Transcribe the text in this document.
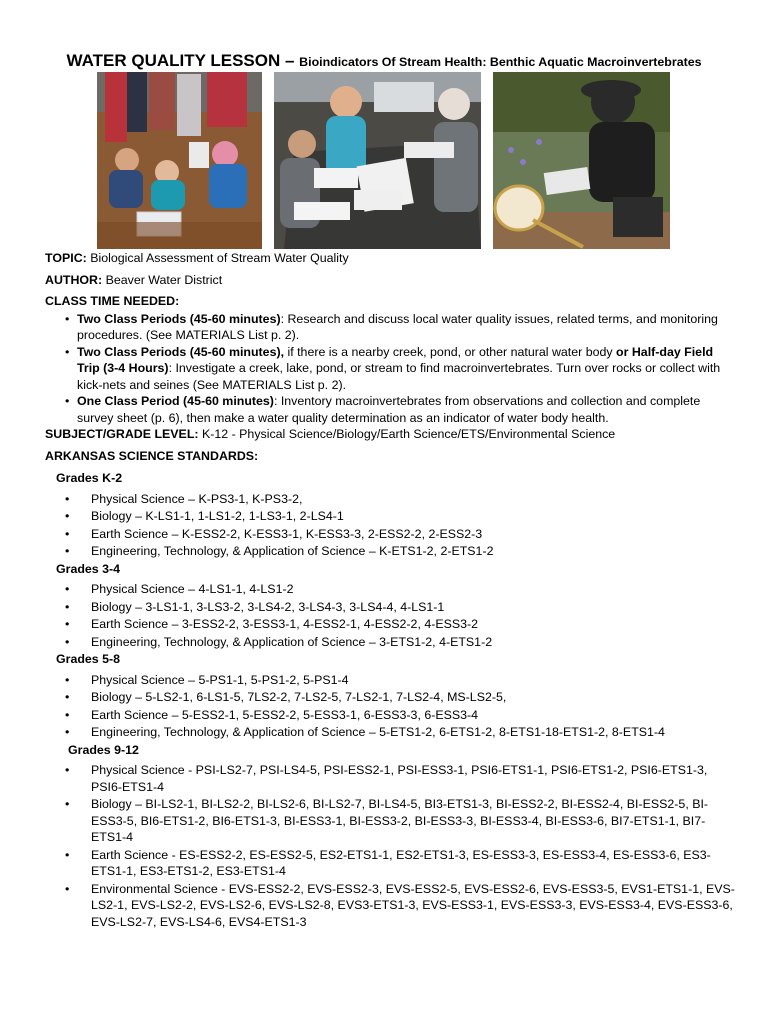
WATER QUALITY LESSON – Bioindicators Of Stream Health: Benthic Aquatic Macroinvertebrates

TOPIC: Biological Assessment of Stream Water Quality

AUTHOR: Beaver Water District

CLASS TIME NEEDED:

• Two Class Periods (45-60 minutes): Research and discuss local water quality issues, related terms, and monitoring procedures. (See MATERIALS List p. 2).
• Two Class Periods (45-60 minutes), if there is a nearby creek, pond, or other natural water body or Half-day Field Trip (3-4 Hours): Investigate a creek, lake, pond, or stream to find macroinvertebrates. Turn over rocks or collect with kick-nets and seines (See MATERIALS List p. 2).
• One Class Period (45-60 minutes): Inventory macroinvertebrates from observations and collection and complete survey sheet (p. 6), then make a water quality determination as an indicator of water body health.

SUBJECT/GRADE LEVEL: K-12 - Physical Science/Biology/Earth Science/ETS/Environmental Science

ARKANSAS SCIENCE STANDARDS:

Grades K-2
• Physical Science – K-PS3-1, K-PS3-2,
• Biology – K-LS1-1, 1-LS1-2, 1-LS3-1, 2-LS4-1
• Earth Science – K-ESS2-2, K-ESS3-1, K-ESS3-3, 2-ESS2-2, 2-ESS2-3
• Engineering, Technology, & Application of Science – K-ETS1-2, 2-ETS1-2
Grades 3-4
• Physical Science – 4-LS1-1, 4-LS1-2
• Biology – 3-LS1-1, 3-LS3-2, 3-LS4-2, 3-LS4-3, 3-LS4-4, 4-LS1-1
• Earth Science – 3-ESS2-2, 3-ESS3-1, 4-ESS2-1, 4-ESS2-2, 4-ESS3-2
• Engineering, Technology, & Application of Science – 3-ETS1-2, 4-ETS1-2
Grades 5-8
• Physical Science – 5-PS1-1, 5-PS1-2, 5-PS1-4
• Biology – 5-LS2-1, 6-LS1-5, 7LS2-2, 7-LS2-5, 7-LS2-1, 7-LS2-4, MS-LS2-5,
• Earth Science – 5-ESS2-1, 5-ESS2-2, 5-ESS3-1, 6-ESS3-3, 6-ESS3-4
• Engineering, Technology, & Application of Science – 5-ETS1-2, 6-ETS1-2, 8-ETS1-18-ETS1-2, 8-ETS1-4
Grades 9-12
• Physical Science - PSI-LS2-7, PSI-LS4-5, PSI-ESS2-1, PSI-ESS3-1, PSI6-ETS1-1, PSI6-ETS1-2, PSI6-ETS1-3, PSI6-ETS1-4
• Biology – BI-LS2-1, BI-LS2-2, BI-LS2-6, BI-LS2-7, BI-LS4-5, BI3-ETS1-3, BI-ESS2-2, BI-ESS2-4, BI-ESS2-5, BI-ESS3-5, BI6-ETS1-2, BI6-ETS1-3, BI-ESS3-1, BI-ESS3-2, BI-ESS3-3, BI-ESS3-4, BI-ESS3-6, BI7-ETS1-1, BI7-ETS1-4
• Earth Science - ES-ESS2-2, ES-ESS2-5, ES2-ETS1-1, ES2-ETS1-3, ES-ESS3-3, ES-ESS3-4, ES-ESS3-6, ES3-ETS1-1, ES3-ETS1-2, ES3-ETS1-4
• Environmental Science - EVS-ESS2-2, EVS-ESS2-3, EVS-ESS2-5, EVS-ESS2-6, EVS-ESS3-5, EVS1-ETS1-1, EVS-LS2-1, EVS-LS2-2, EVS-LS2-6, EVS-LS2-8, EVS3-ETS1-3, EVS-ESS3-1, EVS-ESS3-3, EVS-ESS3-4, EVS-ESS3-6, EVS-LS2-7, EVS-LS4-6, EVS4-ETS1-3
